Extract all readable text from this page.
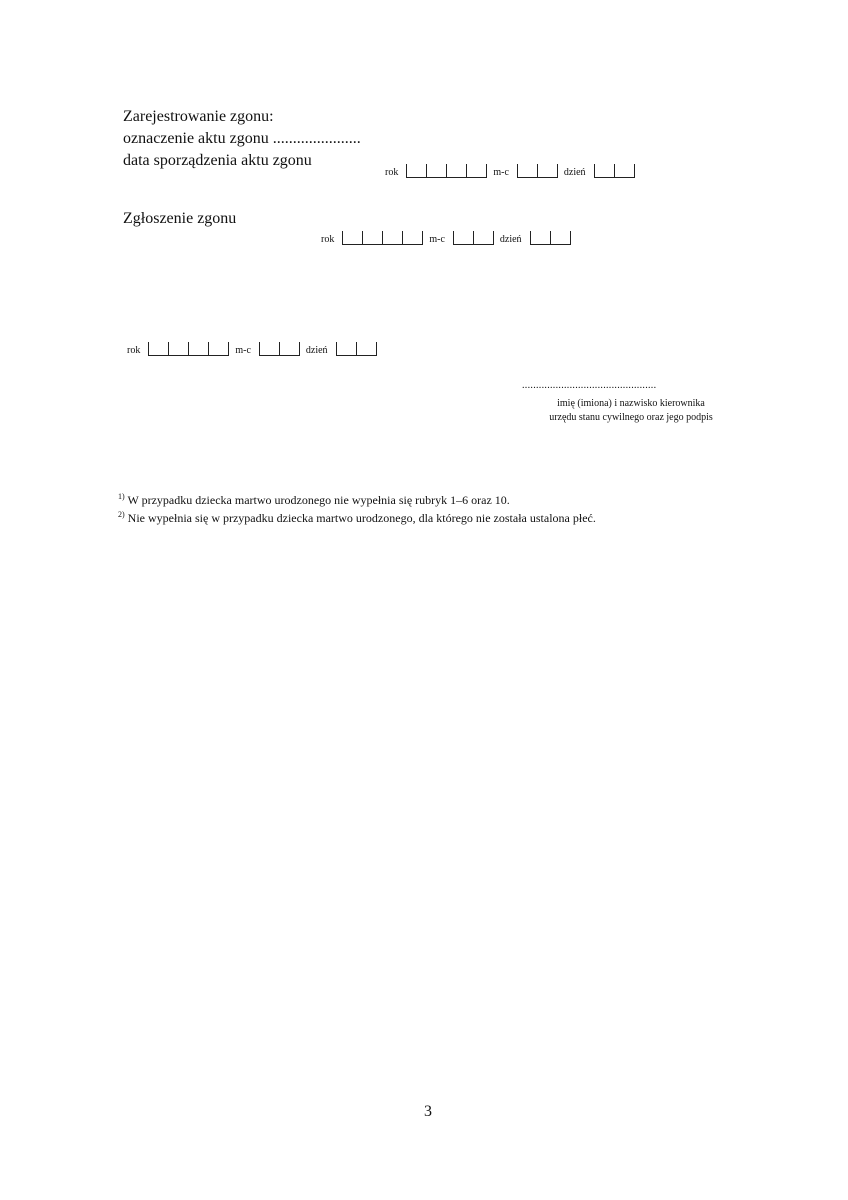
Zarejestrowanie zgonu:
oznaczenie aktu zgonu ......................
data sporządzenia aktu zgonu
rok	m-c	dzień
Zgłoszenie zgonu
rok	m-c	dzień
rok	m-c	dzień
................................................
imię (imiona) i nazwisko kierownika
urzędu stanu cywilnego oraz jego podpis
$^{1)}$ W przypadku dziecka martwo urodzonego nie wypełnia się rubryk 1–6 oraz 10.
$^{2)}$ Nie wypełnia się w przypadku dziecka martwo urodzonego, dla którego nie została ustalona płeć.
3
